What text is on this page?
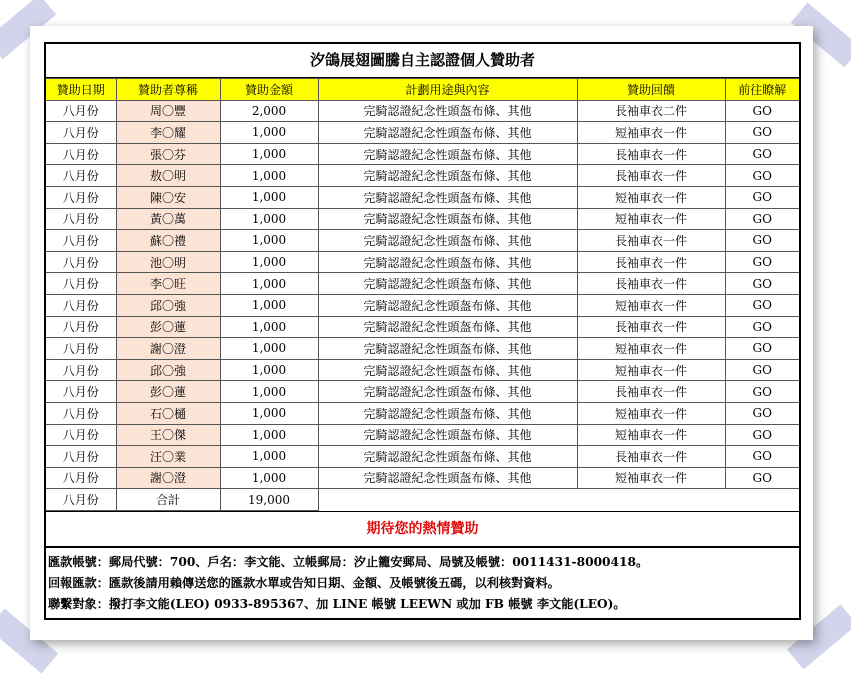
汐鴿展翅圖騰自主認證個人贊助者
贊助日期	贊助者尊稱	贊助金額	計劃用途與內容	贊助回饋	前往瞭解
八月份	周〇豐	2,000	完騎認證紀念性頭盔布條、其他	長袖車衣二件	GO
八月份	李〇耀	1,000	完騎認證紀念性頭盔布條、其他	短袖車衣一件	GO
八月份	張〇芬	1,000	完騎認證紀念性頭盔布條、其他	長袖車衣一件	GO
八月份	敖〇明	1,000	完騎認證紀念性頭盔布條、其他	長袖車衣一件	GO
八月份	陳〇安	1,000	完騎認證紀念性頭盔布條、其他	短袖車衣一件	GO
八月份	黃〇萬	1,000	完騎認證紀念性頭盔布條、其他	短袖車衣一件	GO
八月份	蘇〇禮	1,000	完騎認證紀念性頭盔布條、其他	長袖車衣一件	GO
八月份	池〇明	1,000	完騎認證紀念性頭盔布條、其他	長袖車衣一件	GO
八月份	李〇旺	1,000	完騎認證紀念性頭盔布條、其他	長袖車衣一件	GO
八月份	邱〇強	1,000	完騎認證紀念性頭盔布條、其他	短袖車衣一件	GO
八月份	彭〇蓮	1,000	完騎認證紀念性頭盔布條、其他	長袖車衣一件	GO
八月份	謝〇澄	1,000	完騎認證紀念性頭盔布條、其他	短袖車衣一件	GO
八月份	邱〇強	1,000	完騎認證紀念性頭盔布條、其他	短袖車衣一件	GO
八月份	彭〇蓮	1,000	完騎認證紀念性頭盔布條、其他	長袖車衣一件	GO
八月份	石〇樋	1,000	完騎認證紀念性頭盔布條、其他	短袖車衣一件	GO
八月份	王〇傑	1,000	完騎認證紀念性頭盔布條、其他	短袖車衣一件	GO
八月份	汪〇業	1,000	完騎認證紀念性頭盔布條、其他	長袖車衣一件	GO
八月份	謝〇澄	1,000	完騎認證紀念性頭盔布條、其他	短袖車衣一件	GO
八月份	合計	19,000			
期待您的熱情贊助
匯款帳號：郵局代號：700、戶名：李文能、立帳郵局：汐止籠安郵局、局號及帳號：0011431-8000418。
回報匯款：匯款後請用賴傳送您的匯款水單或告知日期、金額、及帳號後五碼，以利核對資料。
聯繫對象：撥打李文能(LEO) 0933-895367、加 LINE 帳號 LEEWN 或加 FB 帳號 李文能(LEO)。
